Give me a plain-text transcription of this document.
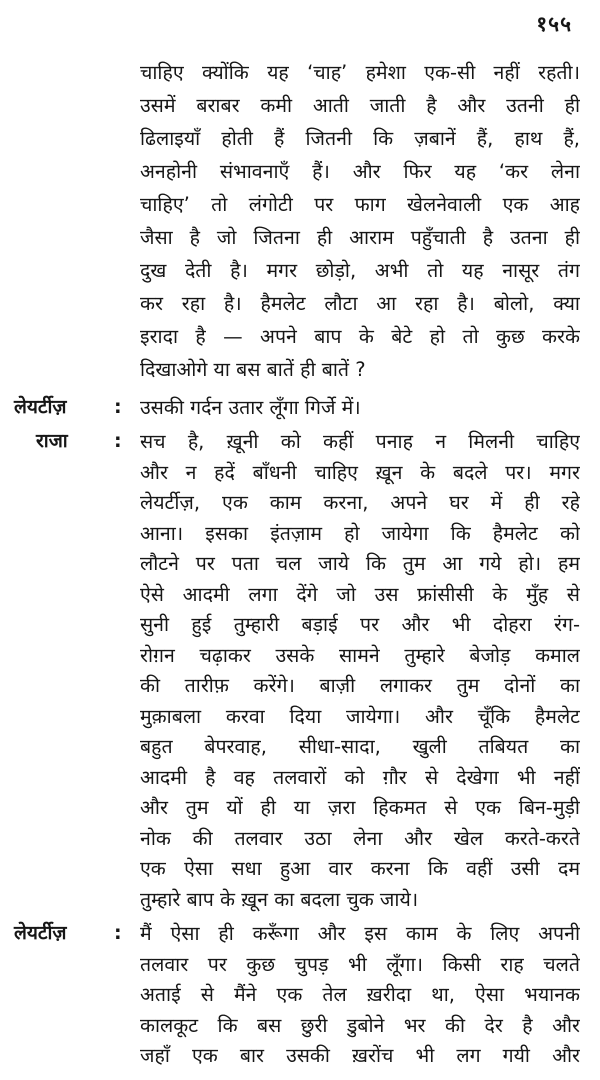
१५५
चाहिए क्योंकि यह ‘चाह’ हमेशा एक-सी नहीं रहती।
उसमें बराबर कमी आती जाती है और उतनी ही
ढिलाइयाँ होती हैं जितनी कि ज़बानें हैं, हाथ हैं,
अनहोनी संभावनाएँ हैं। और फिर यह ‘कर लेना
चाहिए’ तो लंगोटी पर फाग खेलनेवाली एक आह
जैसा है जो जितना ही आराम पहुँचाती है उतना ही
दुख देती है। मगर छोड़ो, अभी तो यह नासूर तंग
कर रहा है। हैमलेट लौटा आ रहा है। बोलो, क्या
इरादा है — अपने बाप के बेटे हो तो कुछ करके
दिखाओगे या बस बातें ही बातें ?
लेयर्टीज़	: उसकी गर्दन उतार लूँगा गिर्जे में।
राजा : सच है, ख़ूनी को कहीं पनाह न मिलनी चाहिए
और न हदें बाँधनी चाहिए ख़ून के बदले पर। मगर
लेयर्टीज़, एक काम करना, अपने घर में ही रहे
आना। इसका इंतज़ाम हो जायेगा कि हैमलेट को
लौटने पर पता चल जाये कि तुम आ गये हो। हम
ऐसे आदमी लगा देंगे जो उस फ्रांसीसी के मुँह से
सुनी हुई तुम्हारी बड़ाई पर और भी दोहरा रंग-
रोग़न चढ़ाकर उसके सामने तुम्हारे बेजोड़ कमाल
की तारीफ़ करेंगे। बाज़ी लगाकर तुम दोनों का
मुक़ाबला करवा दिया जायेगा। और चूँकि हैमलेट
बहुत बेपरवाह, सीधा-सादा, खुली तबियत का
आदमी है वह तलवारों को ग़ौर से देखेगा भी नहीं
और तुम यों ही या ज़रा हिकमत से एक बिन-मुड़ी
नोक की तलवार उठा लेना और खेल करते-करते
एक ऐसा सधा हुआ वार करना कि वहीं उसी दम
तुम्हारे बाप के ख़ून का बदला चुक जाये।
लेयर्टीज़	: मैं ऐसा ही करूँगा और इस काम के लिए अपनी
तलवार पर कुछ चुपड़ भी लूँगा। किसी राह चलते
अताई से मैंने एक तेल ख़रीदा था, ऐसा भयानक
कालकूट कि बस छुरी डुबोने भर की देर है और
जहाँ एक बार उसकी ख़रोंच भी लग गयी और
